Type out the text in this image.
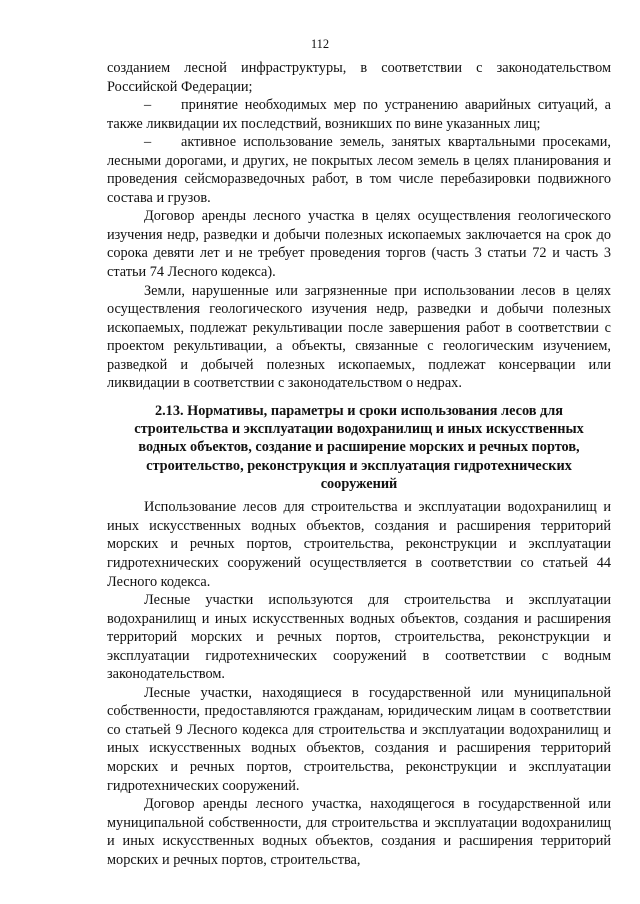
112

созданием лесной инфраструктуры, в соответствии с законодательством Российской Федерации;

– принятие необходимых мер по устранению аварийных ситуаций, а также ликвидации их последствий, возникших по вине указанных лиц;

– активное использование земель, занятых квартальными просеками, лесными дорогами, и других, не покрытых лесом земель в целях планирования и проведения сейсморазведочных работ, в том числе перебазировки подвижного состава и грузов.

Договор аренды лесного участка в целях осуществления геологического изучения недр, разведки и добычи полезных ископаемых заключается на срок до сорока девяти лет и не требует проведения торгов (часть 3 статьи 72 и часть 3 статьи 74 Лесного кодекса).

Земли, нарушенные или загрязненные при использовании лесов в целях осуществления геологического изучения недр, разведки и добычи полезных ископаемых, подлежат рекультивации после завершения работ в соответствии с проектом рекультивации, а объекты, связанные с геологическим изучением, разведкой и добычей полезных ископаемых, подлежат консервации или ликвидации в соответствии с законодательством о недрах.

2.13. Нормативы, параметры и сроки использования лесов для строительства и эксплуатации водохранилищ и иных искусственных водных объектов, создание и расширение морских и речных портов, строительство, реконструкция и эксплуатация гидротехнических сооружений

Использование лесов для строительства и эксплуатации водохранилищ и иных искусственных водных объектов, создания и расширения территорий морских и речных портов, строительства, реконструкции и эксплуатации гидротехнических сооружений осуществляется в соответствии со статьей 44 Лесного кодекса.

Лесные участки используются для строительства и эксплуатации водохранилищ и иных искусственных водных объектов, создания и расширения территорий морских и речных портов, строительства, реконструкции и эксплуатации гидротехнических сооружений в соответствии с водным законодательством.

Лесные участки, находящиеся в государственной или муниципальной собственности, предоставляются гражданам, юридическим лицам в соответствии со статьей 9 Лесного кодекса для строительства и эксплуатации водохранилищ и иных искусственных водных объектов, создания и расширения территорий морских и речных портов, строительства, реконструкции и эксплуатации гидротехнических сооружений.

Договор аренды лесного участка, находящегося в государственной или муниципальной собственности, для строительства и эксплуатации водохранилищ и иных искусственных водных объектов, создания и расширения территорий морских и речных портов, строительства,
